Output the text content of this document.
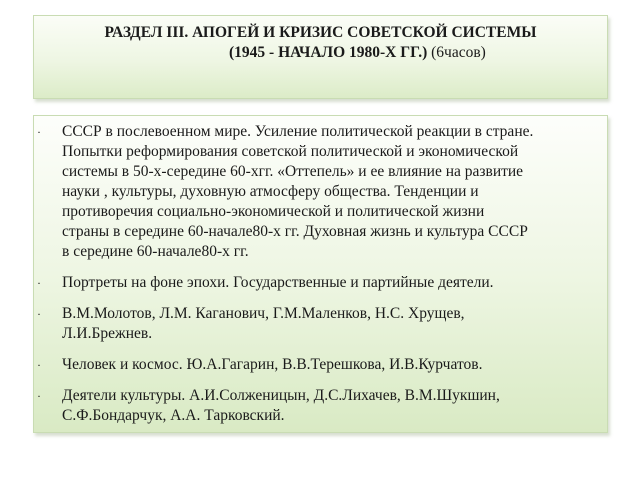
РАЗДЕЛ III. АПОГЕЙ И КРИЗИС СОВЕТСКОЙ СИСТЕМЫ
(1945 - НАЧАЛО 1980-Х ГГ.) (6часов)
· СССР в послевоенном мире. Усиление политической реакции в стране.
Попытки реформирования советской политической и экономической
системы в 50-х-середине 60-хгг. «Оттепель» и ее влияние на развитие
науки , культуры, духовную атмосферу общества. Тенденции и
противоречия социально-экономической и политической жизни
страны в середине 60-начале80-х гг. Духовная жизнь и культура СССР
в середине 60-начале80-х гг.
· Портреты на фоне эпохи. Государственные и партийные деятели.
· В.М.Молотов, Л.М. Каганович, Г.М.Маленков, Н.С. Хрущев,
Л.И.Брежнев.
· Человек и космос. Ю.А.Гагарин, В.В.Терешкова, И.В.Курчатов.
· Деятели культуры. А.И.Солженицын, Д.С.Лихачев, В.М.Шукшин,
С.Ф.Бондарчук, А.А. Тарковский.
